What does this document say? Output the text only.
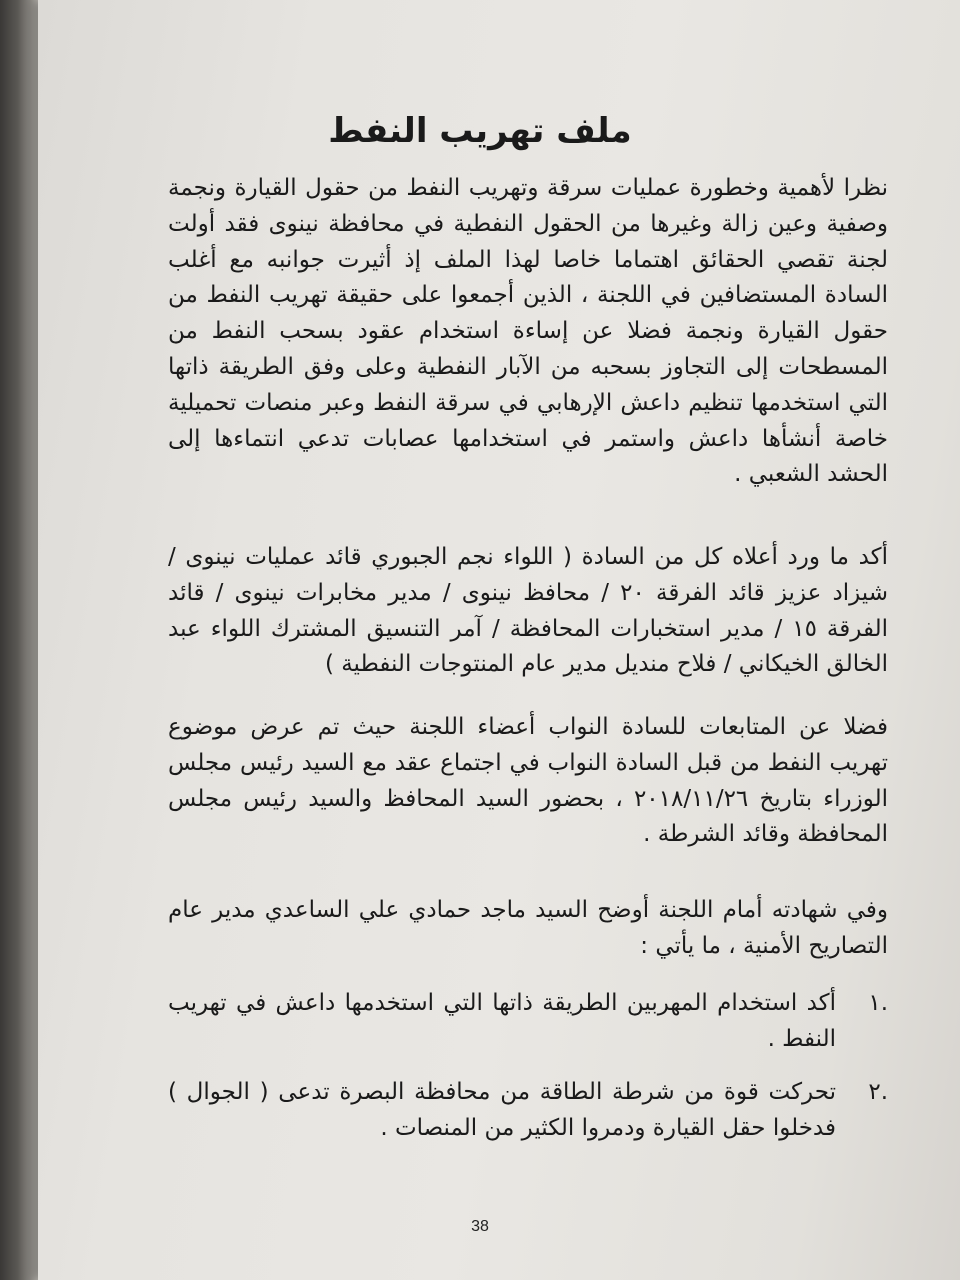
ملف تهريب النفط

نظرا لأهمية وخطورة عمليات سرقة وتهريب النفط من حقول القيارة ونجمة وصفية وعين زالة وغيرها من الحقول النفطية في محافظة نينوى فقد أولت لجنة تقصي الحقائق اهتماما خاصا لهذا الملف إذ أثيرت جوانبه مع أغلب السادة المستضافين في اللجنة ، الذين أجمعوا على حقيقة تهريب النفط من حقول القيارة ونجمة فضلا عن إساءة استخدام عقود بسحب النفط من المسطحات إلى التجاوز بسحبه من الآبار النفطية وعلى وفق الطريقة ذاتها التي استخدمها تنظيم داعش الإرهابي في سرقة النفط وعبر منصات تحميلية خاصة أنشأها داعش واستمر في استخدامها عصابات تدعي انتماءها إلى الحشد الشعبي .

أكد ما ورد أعلاه كل من السادة ( اللواء نجم الجبوري قائد عمليات نينوى / شيزاد عزيز قائد الفرقة ٢٠ / محافظ نينوى / مدير مخابرات نينوى / قائد الفرقة ١٥ / مدير استخبارات المحافظة / آمر التنسيق المشترك اللواء عبد الخالق الخيكاني / فلاح منديل مدير عام المنتوجات النفطية )

فضلا عن المتابعات للسادة النواب أعضاء اللجنة حيث تم عرض موضوع تهريب النفط من قبل السادة النواب في اجتماع عقد مع السيد رئيس مجلس الوزراء بتاريخ ٢٠١٨/١١/٢٦ ، بحضور السيد المحافظ والسيد رئيس مجلس المحافظة وقائد الشرطة .

وفي شهادته أمام اللجنة أوضح السيد ماجد حمادي علي الساعدي مدير عام التصاريح الأمنية ، ما يأتي :

.١
أكد استخدام المهربين الطريقة ذاتها التي استخدمها داعش في تهريب النفط .
.٢
تحركت قوة من شرطة الطاقة من محافظة البصرة تدعى ( الجوال ) فدخلوا حقل القيارة ودمروا الكثير من المنصات .
38
